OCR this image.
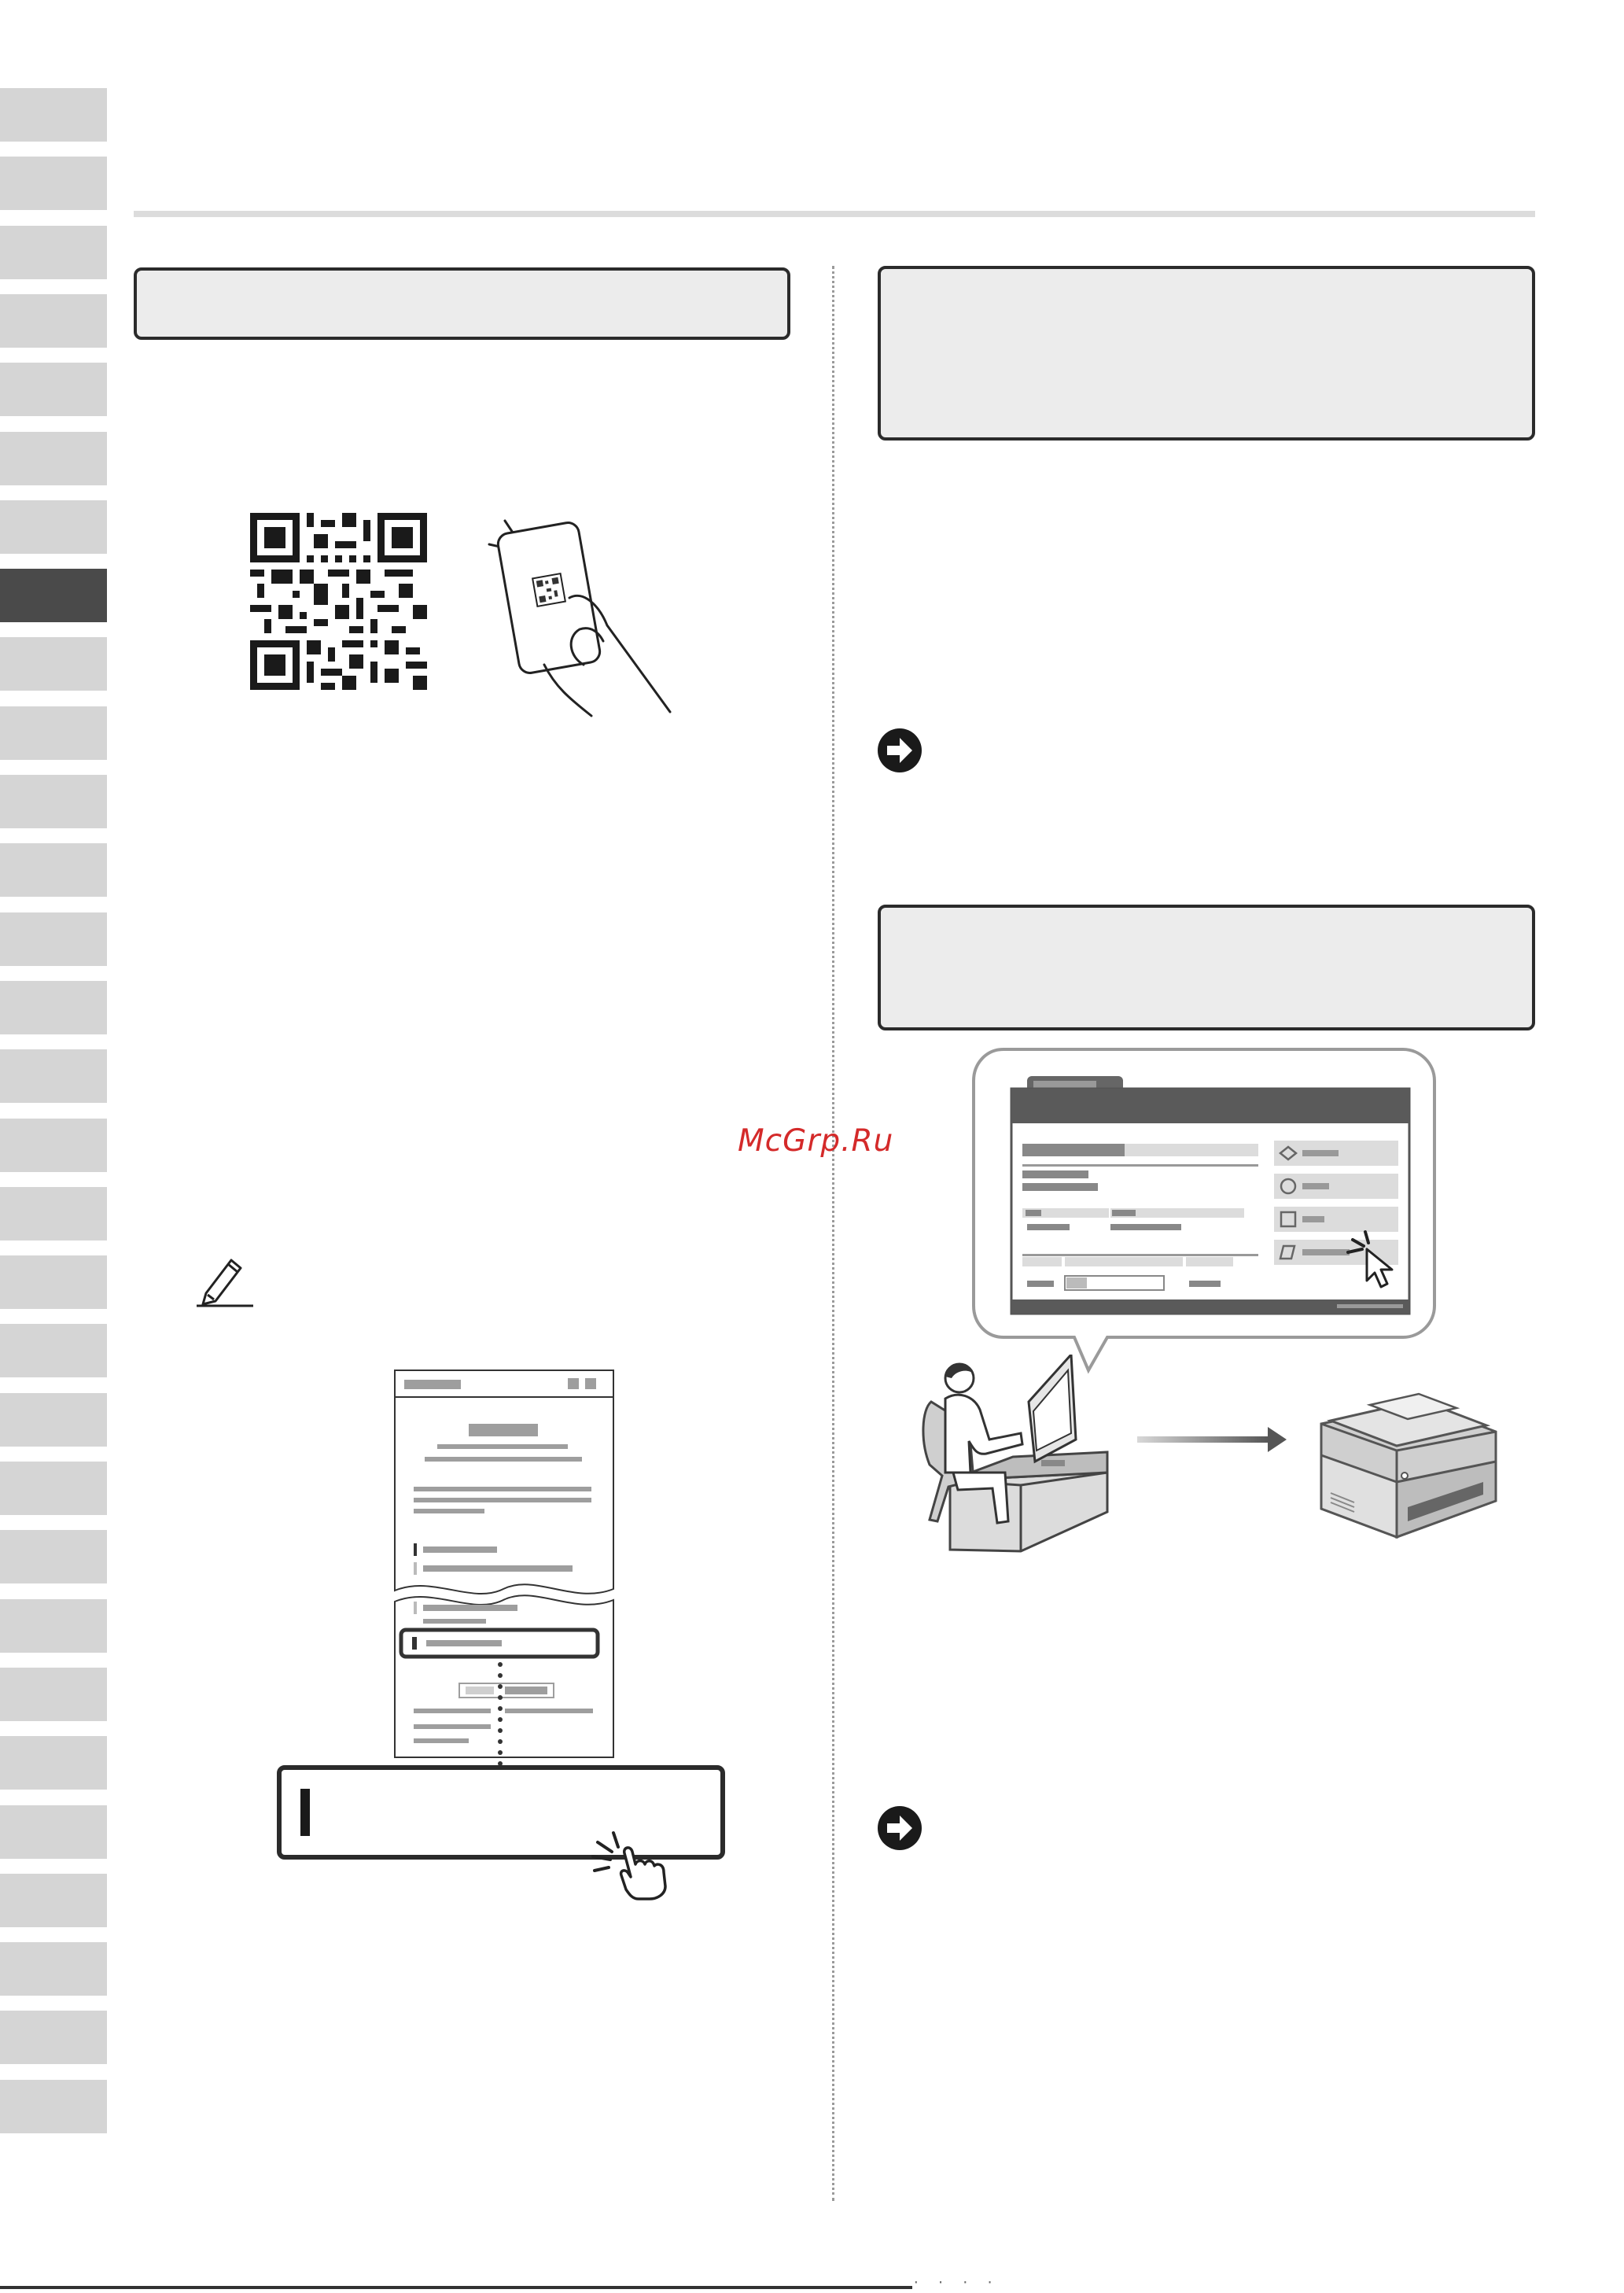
McGrp.Ru
· · · ·
